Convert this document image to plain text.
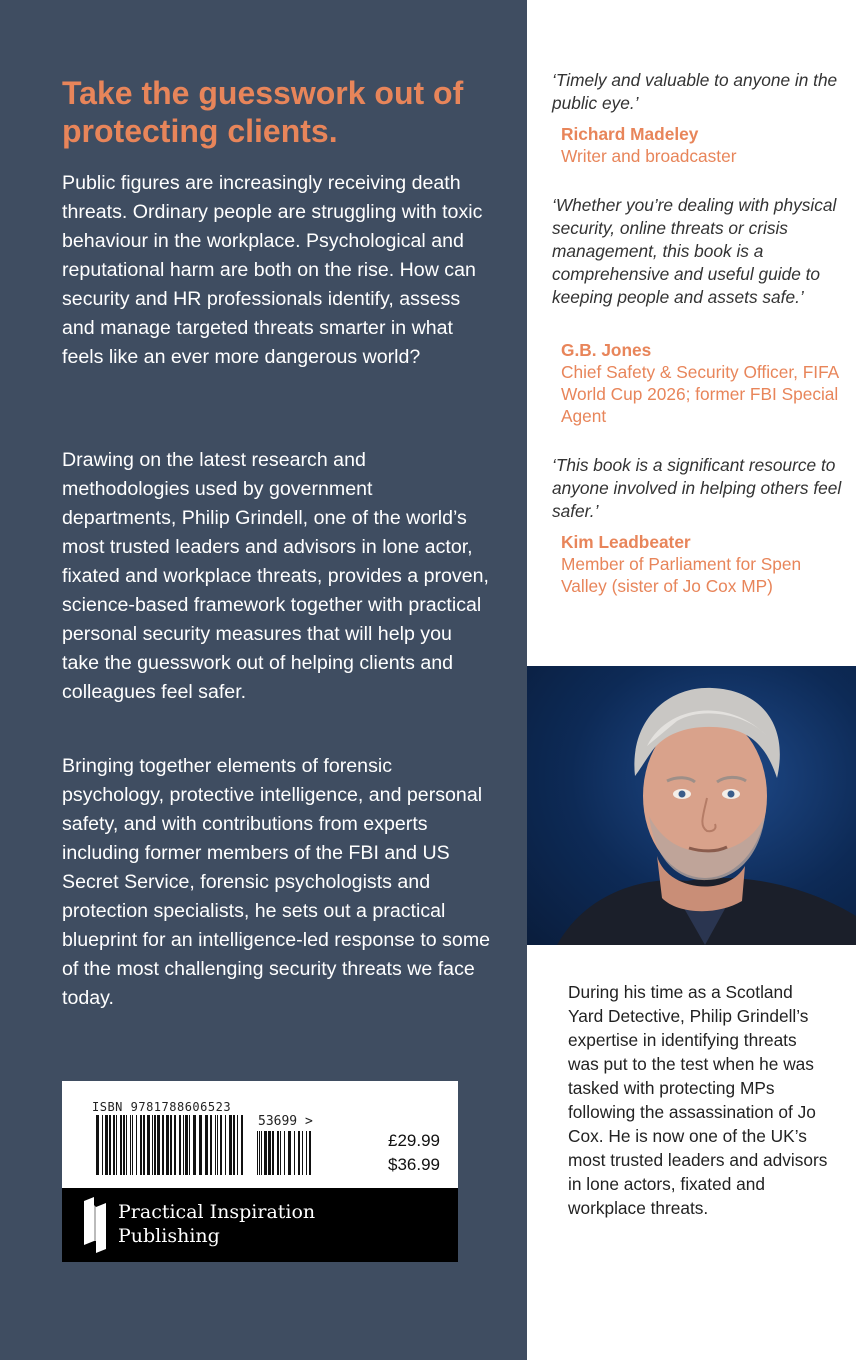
Take the guesswork out of protecting clients.

Public figures are increasingly receiving death threats. Ordinary people are struggling with toxic behaviour in the workplace. Psychological and reputational harm are both on the rise. How can security and HR professionals identify, assess and manage targeted threats smarter in what feels like an ever more dangerous world?

Drawing on the latest research and methodologies used by government departments, Philip Grindell, one of the world’s most trusted leaders and advisors in lone actor, fixated and workplace threats, provides a proven, science-based framework together with practical personal security measures that will help you take the guesswork out of helping clients and colleagues feel safer.

Bringing together elements of forensic psychology, protective intelligence, and personal safety, and with contributions from experts including former members of the FBI and US Secret Service, forensic psychologists and protection specialists, he sets out a practical blueprint for an intelligence-led response to some of the most challenging security threats we face today.

ISBN 9781788606523
53699 >
£29.99
$36.99
Practical Inspiration
Publishing

‘Timely and valuable to anyone in the public eye.’

Richard Madeley

Writer and broadcaster

‘Whether you’re dealing with physical security, online threats or crisis management, this book is a comprehensive and useful guide to keeping people and assets safe.’

G.B. Jones

Chief Safety & Security Officer, FIFA World Cup 2026; former FBI Special Agent

‘This book is a significant resource to anyone involved in helping others feel safer.’

Kim Leadbeater

Member of Parliament for Spen Valley (sister of Jo Cox MP)

During his time as a Scotland Yard Detective, Philip Grindell’s expertise in identifying threats was put to the test when he was tasked with protecting MPs following the assassination of Jo Cox. He is now one of the UK’s most trusted leaders and advisors in lone actors, fixated and workplace threats.
